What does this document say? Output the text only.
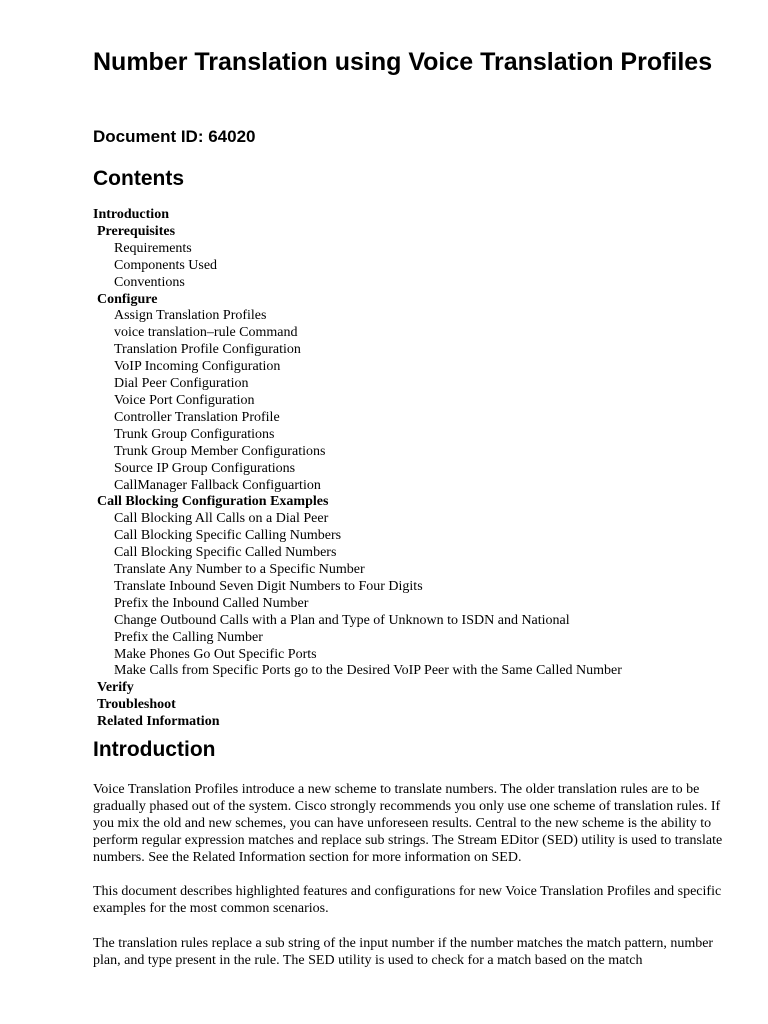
Number Translation using Voice Translation Profiles

Document ID: 64020

Contents
Introduction
Prerequisites
Requirements
Components Used
Conventions
Configure
Assign Translation Profiles
voice translation–rule Command
Translation Profile Configuration
VoIP Incoming Configuration
Dial Peer Configuration
Voice Port Configuration
Controller Translation Profile
Trunk Group Configurations
Trunk Group Member Configurations
Source IP Group Configurations
CallManager Fallback Configuartion
Call Blocking Configuration Examples
Call Blocking All Calls on a Dial Peer
Call Blocking Specific Calling Numbers
Call Blocking Specific Called Numbers
Translate Any Number to a Specific Number
Translate Inbound Seven Digit Numbers to Four Digits
Prefix the Inbound Called Number
Change Outbound Calls with a Plan and Type of Unknown to ISDN and National
Prefix the Calling Number
Make Phones Go Out Specific Ports
Make Calls from Specific Ports go to the Desired VoIP Peer with the Same Called Number
Verify
Troubleshoot
Related Information
Introduction

Voice Translation Profiles introduce a new scheme to translate numbers. The older translation rules are to be gradually phased out of the system. Cisco strongly recommends you only use one scheme of translation rules. If you mix the old and new schemes, you can have unforeseen results. Central to the new scheme is the ability to perform regular expression matches and replace sub strings. The Stream EDitor (SED) utility is used to translate numbers. See the Related Information section for more information on SED.

This document describes highlighted features and configurations for new Voice Translation Profiles and specific examples for the most common scenarios.

The translation rules replace a sub string of the input number if the number matches the match pattern, number plan, and type present in the rule. The SED utility is used to check for a match based on the match
